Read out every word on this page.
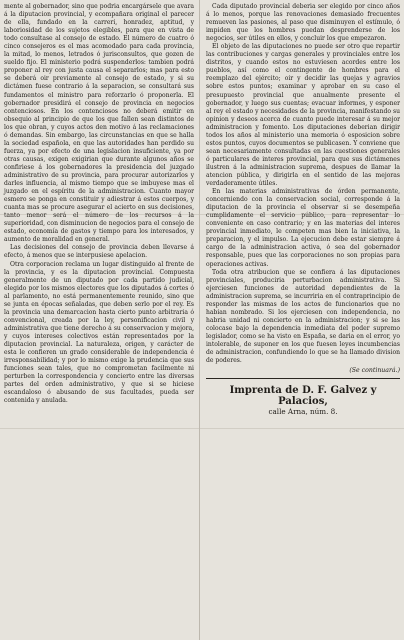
mente al gobernador, sino que podria encargársele que avara á la diputacion provincial, y ecompañara original el parecer de ella, fundado en la carreri, honradez, aptitud, y laboriosidad de los sujetos elegibles, para que en vista de todo consultase al consejo de estado. El número de cuatro ó cinco consejeros es el mas acomodado para cada provincia, la mitad, lo menos, letrados ó jurisconsultos, que gozen de sueldo fijo. El ministerio podrá suspenderlos: tambien podrá proponer al rey con justa causa el separarlos; mas para esto se deberá oir previamente al consejo de estado, y si su dictámen fuese contrario á la separacion, se consultará sus fundamentos el ministro para reforzarlo ó proponerla. El gobernador presidirá el consejo de provincia en negocios contenciosos. En los contenciosos no deberá emitir en obsequio al principio de que los que fallen sean distintos de los que obran, y cuyos actos den motivo á las reclamaciones ó demandas. Sin embargo, las circunstancias en que se halla la sociedad española, en que las autoridades han perdido su fuerza, ya por efecto de una legislacion insuficiente, ya por otras causas, exigen exigirian que durante algunos años se confiriese á los gobernadores la presidencia del juzgado administrativo de su provincia, para procurar autorizarlos y darles influencia, al mismo tiempo que se imbuyese mas el juzgado en el espíritu de la administracion. Cuanto mayor esmero se ponga en constituir y adiestrar á estos cuerpos, y cuanta mas se procure asegurar el acierto en sus decisiones, tanto menor será el número de los recursos á la superioridad, con disminucion de negocios para el consejo de estado, economía de gastos y tiempo para los interesados, y aumento de moralidad en general.

Las decisiones del consejo de provincia deben llevarse á efecto, á menos que se interpusiese apelacion.

Otra corporacion reclama un lugar distinguido al frente de la provincia, y es la diputacion provincial. Compuesta generalmente de un diputado por cada partido judicial, elegido por los mismos electores que los diputados á cortes ó al parlamento, no está permanentemente reunido, sino que se junta en épocas señaladas, que deben serlo por el rey. Es la provincia una demarcacion hasta cierto punto arbitraria ó convencional, creada por la ley, personificacion civil y administrativa que tiene derecho á su conservacion y mejora, y cuyos intereses colectivos están representados por la diputacion provincial. La naturaleza, origen, y carácter de esta le confieren un grado considerable de independencia é irresponsabilidad; y por lo mismo exige la prudencia que sus funciones sean tales, que no comprometan facilmente ni perturben la correspondencia y concierto entre las diversas partes del orden administrativo, y que si se hiciese escandaloso ó abusando de sus facultades, pueda ser contenida y anulada.

Cada diputado provincial deberia ser elegido por cinco años á lo menos, porque las renovaciones demasiado frecuentes remueven las pasiones, al paso que disminuyen el estímulo, ó impiden que los hombres puedan desprenderse de los negocios, ser útiles en ellos, y concluir los que empezaron.

El objeto de las diputaciones no puede ser otro que repartir las contribuciones y cargas generales y provinciales entre los distritos, y cuando estos no estuviesen acordes entre los pueblos, así como el contingente de hombres para el reemplazo del ejército; oir y decidir las quejas y agravios sobre estos puntos; examinar y aprobar en su caso el presupuesto provincial que anualmente presente el gobernador, y luego sus cuentas; evacuar informes, y esponer al rey el estado y necesidades de la provincia, manifestando su opinion y deseos acerca de cuanto puede interesar á su mejor administracion y fomento. Los diputaciones deberian dirigir todos los años al ministerio una memoria ó esposicion sobre estos puntos, cuyos documentos se publicasen. Y conviene que sean necesariamente consultadas en las cuestiones generales ó particulares de interes provincial, para que sus dictámenes ilustren á la administracion suprema, despues de llamar la atencion pública, y dirigirla en el sentido de las mejoras verdaderamente útiles.

En las materias administrativas de órden permanente, concerniendo con la conservacion social, corresponde á la diputacion de la provincia el observar si se desempeña cumplidamente el servicio público, para representar lo conveniente en caso contrario; y en las materias del interes provincial inmediato, le competen mas bien la iniciativa, la preparacion, y el impulso. La ejecucion debe estar siempre á cargo de la administracion activa, ó sea del gobernador responsable, pues que las corporaciones no son propias para operaciones activas.

Toda otra atribucion que se confiera á las diputaciones provinciales, produciria perturbacion administrativa. Si ejerciesen funciones de autoridad dependientes de la administracion suprema, se incurriria en el contraprincipio de responder las mismas de los actos de funcionarios que no habian nombrado. Si los ejerciesen con independencia, no habria unidad ni concierto en la administracion; y si se las colocase bajo la dependencia inmediata del poder supremo legislador, como se ha visto en España, se daria en el error, yo intolerable, de suponer en los que fuesen leyes incumbencias de administracion, confundiendo lo que se ha llamado division de poderes.

(Se continuará.)
Imprenta de D. F. Galvez y Palacios,
calle Arna, núm. 8.
